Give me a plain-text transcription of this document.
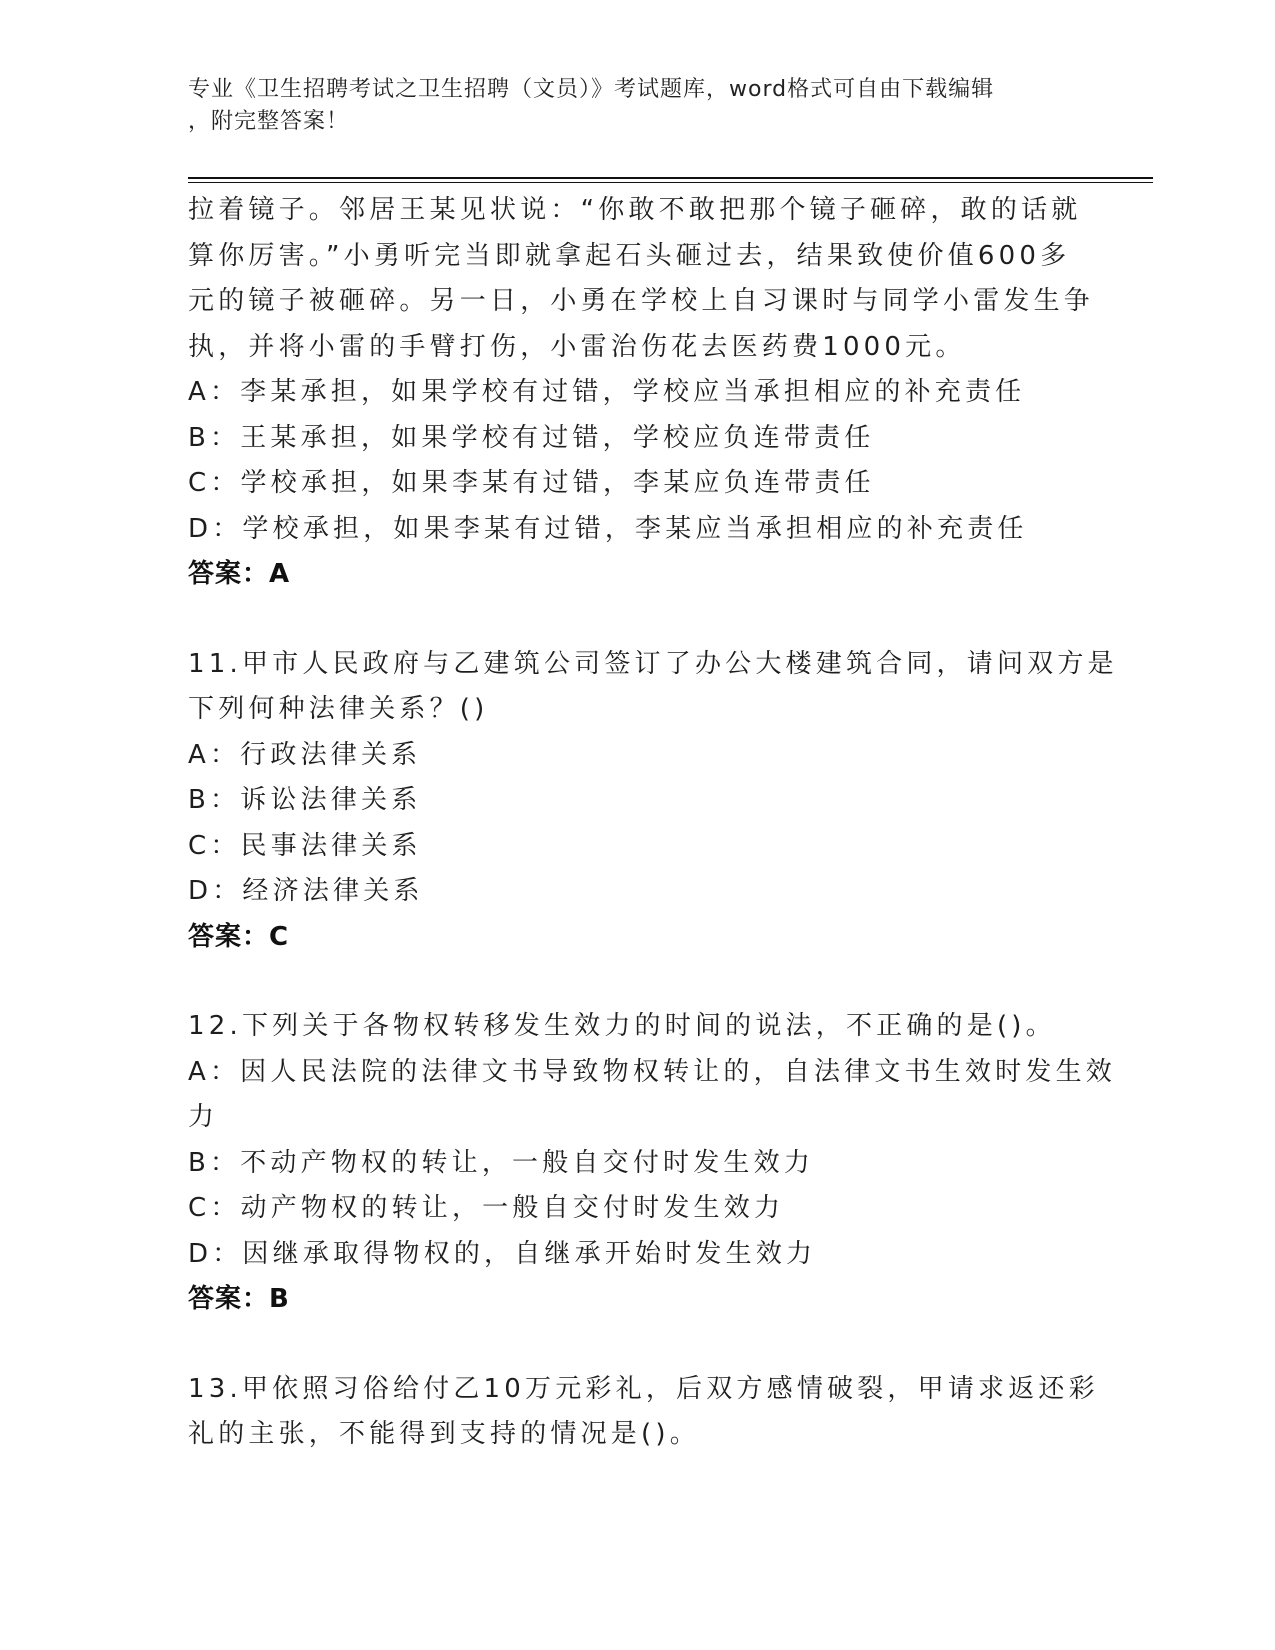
专业《卫生招聘考试之卫生招聘（文员）》考试题库，word格式可自由下载编辑
，附完整答案！
拉着镜子。邻居王某见状说：“你敢不敢把那个镜子砸碎，敢的话就
算你厉害。”小勇听完当即就拿起石头砸过去，结果致使价值600多
元的镜子被砸碎。另一日，小勇在学校上自习课时与同学小雷发生争
执，并将小雷的手臂打伤，小雷治伤花去医药费1000元。
A：李某承担，如果学校有过错，学校应当承担相应的补充责任
B：王某承担，如果学校有过错，学校应负连带责任
C：学校承担，如果李某有过错，李某应负连带责任
D：学校承担，如果李某有过错，李某应当承担相应的补充责任
答案：A
11.甲市人民政府与乙建筑公司签订了办公大楼建筑合同，请问双方是
下列何种法律关系？()
A：行政法律关系
B：诉讼法律关系
C：民事法律关系
D：经济法律关系
答案：C
12.下列关于各物权转移发生效力的时间的说法，不正确的是()。
A：因人民法院的法律文书导致物权转让的，自法律文书生效时发生效
力
B：不动产物权的转让，一般自交付时发生效力
C：动产物权的转让，一般自交付时发生效力
D：因继承取得物权的，自继承开始时发生效力
答案：B
13.甲依照习俗给付乙10万元彩礼，后双方感情破裂，甲请求返还彩
礼的主张，不能得到支持的情况是()。
